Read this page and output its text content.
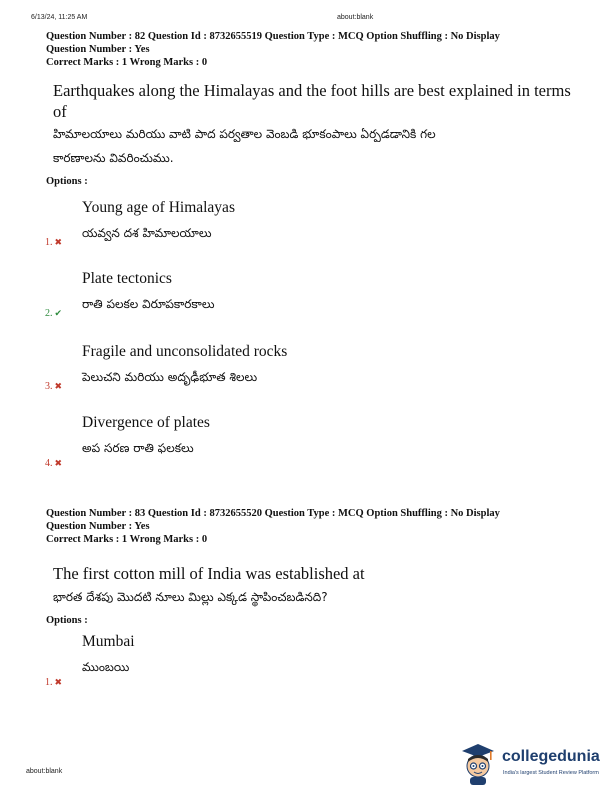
6/13/24, 11:25 AM	about:blank
Question Number : 82 Question Id : 8732655519 Question Type : MCQ Option Shuffling : No Display
Question Number : Yes
Correct Marks : 1 Wrong Marks : 0
Earthquakes along the Himalayas and the foot hills are best explained in terms of
హిమాలయాలు మరియు వాటి పాద పర్వతాల వెంబడి భూకంపాలు ఏర్పడడానికి గల
కారణాలను వివరించుము.
Options :
Young age of Himalayas
యవ్వన దశ హిమాలయాలు
1. ✖
Plate tectonics
రాతి పలకల విరూపకారకాలు
2. ✔
Fragile and unconsolidated rocks
పెలుచని మరియు అదృఢీభూత శిలలు
3. ✖
Divergence of plates
అప సరణ రాతి ఫలకలు
4. ✖
Question Number : 83 Question Id : 8732655520 Question Type : MCQ Option Shuffling : No Display
Question Number : Yes
Correct Marks : 1 Wrong Marks : 0
The first cotton mill of India was established at
భారత దేశపు మొదటి నూలు మిల్లు ఎక్కడ స్థాపించబడినది?
Options :
Mumbai
ముంబయి
1. ✖
about:blank
collegedunia
India's largest Student Review Platform
